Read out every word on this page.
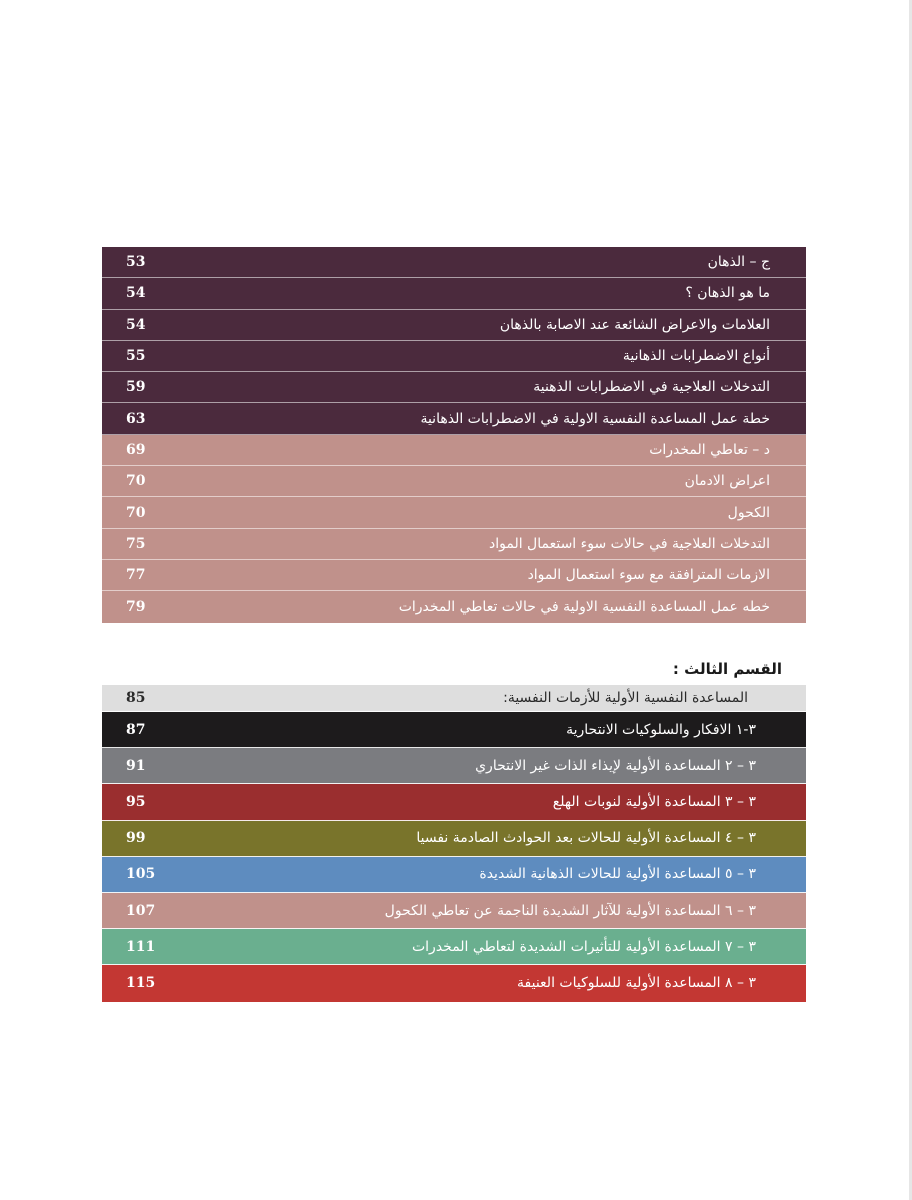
ج – الذهان
53
ما هو الذهان ؟
54
العلامات والاعراض الشائعة عند الاصابة بالذهان
54
أنواع الاضطرابات الذهانية
55
التدخلات العلاجية في الاضطرابات الذهنية
59
خطة عمل المساعدة النفسية الاولية في الاضطرابات الذهانية
63
د – تعاطي المخدرات
69
اعراض الادمان
70
الكحول
70
التدخلات العلاجية في حالات سوء استعمال المواد
75
الازمات المترافقة مع سوء استعمال المواد
77
خطه عمل المساعدة النفسية الاولية في حالات تعاطي المخدرات
79
القسم الثالث :
المساعدة النفسية الأولية للأزمات النفسية:
85
٣-١ الافكار والسلوكيات الانتحارية
87
٣ – ٢ المساعدة الأولية لإيذاء الذات غير الانتحاري
91
٣ – ٣ المساعدة الأولية لنوبات الهلع
95
٣ – ٤ المساعدة الأولية للحالات بعد الحوادث الصادمة نفسيا
99
٣ – ٥ المساعدة الأولية للحالات الذهانية الشديدة
105
٣ – ٦ المساعدة الأولية للآثار الشديدة الناجمة عن تعاطي الكحول
107
٣ – ٧ المساعدة الأولية للتأثيرات الشديدة لتعاطي المخدرات
111
٣ – ٨ المساعدة الأولية للسلوكيات العنيفة
115
